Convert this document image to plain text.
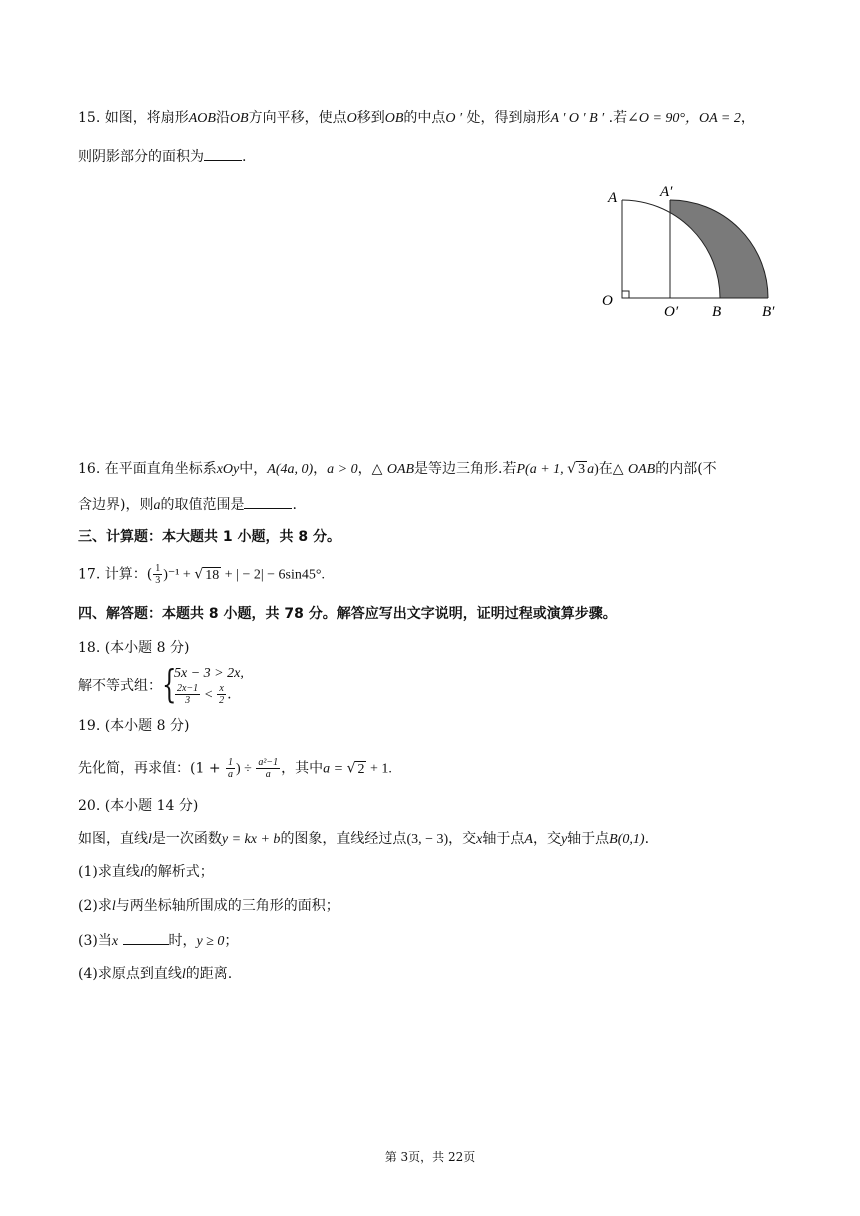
15. 如图，将扇形AOB沿OB方向平移，使点O移到OB的中点O ′ 处，得到扇形A ′ O ′ B ′ .若∠O = 90°，OA = 2，
则阴影部分的面积为	.
A	A′
O
O′ B	B′
16. 在平面直角坐标系xOy中，A(4a, 0)，a > 0，△ OAB是等边三角形.若P(a + 1, √ 3 a)在△ OAB的内部(不
含边界)，则a的取值范围是	.
三、计算题：本大题共 1 小题，共 8 分。
17. 计算：( $\frac{1}{3} )^{-1}$ + √ 18 + | − 2| − 6sin45°.
四、解答题：本题共 8 小题，共 78 分。解答应写出文字说明，证明过程或演算步骤。
18. (本小题 8 分)
解不等式组： {
5x − 3 > 2x,
$\frac{2x-1}{3} < \frac{x}{2}$ .
19. (本小题 8 分)
先化简，再求值：($1 + \frac{1}{a}$ ) ÷ $\frac{\text{a²−1}}{a}$ ，其中a = √ 2 + 1.
20. (本小题 14 分)
如图，直线l是一次函数y = kx + b的图象，直线经过点(3, − 3)，交x轴于点A，交y轴于点B(0,1).
(1)求直线l的解析式；
(2)求l与两坐标轴所围成的三角形的面积；
(3)当x	时，y ≥ 0；
(4)求原点到直线l的距离.
第 3页，共 22页
